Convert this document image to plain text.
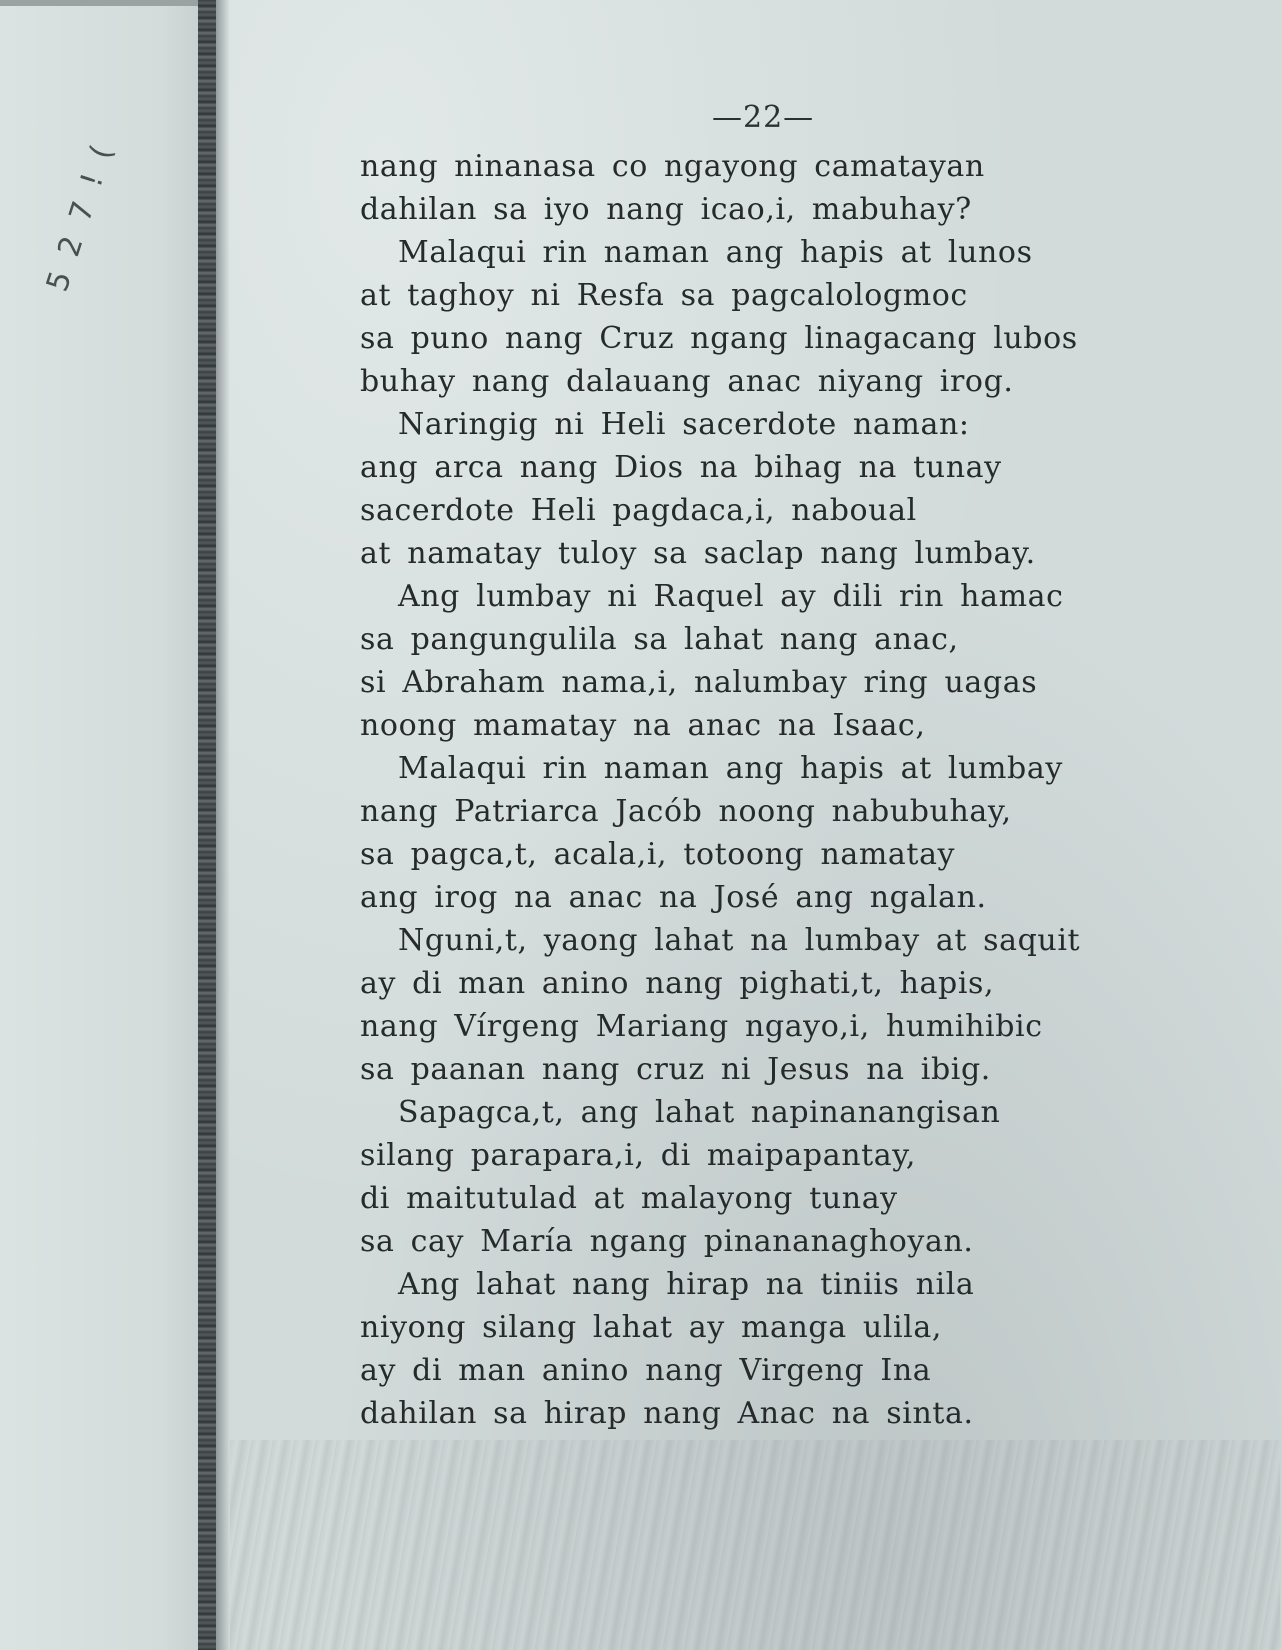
5 2 7 ! (
—22—
nang ninanasa co ngayong camatayan
dahilan sa iyo nang icao,i, mabuhay?
Malaqui rin naman ang hapis at lunos
at taghoy ni Resfa sa pagcalologmoc
sa puno nang Cruz ngang linagacang lubos
buhay nang dalauang anac niyang irog.
Naringig ni Heli sacerdote naman:
ang arca nang Dios na bihag na tunay
sacerdote Heli pagdaca,i, naboual
at namatay tuloy sa saclap nang lumbay.
Ang lumbay ni Raquel ay dili rin hamac
sa pangungulila sa lahat nang anac,
si Abraham nama,i, nalumbay ring uagas
noong mamatay na anac na Isaac,
Malaqui rin naman ang hapis at lumbay
nang Patriarca Jacób noong nabubuhay,
sa pagca,t, acala,i, totoong namatay
ang irog na anac na José ang ngalan.
Nguni,t, yaong lahat na lumbay at saquit
ay di man anino nang pighati,t, hapis,
nang Vírgeng Mariang ngayo,i, humihibic
sa paanan nang cruz ni Jesus na ibig.
Sapagca,t, ang lahat napinanangisan
silang parapara,i, di maipapantay,
di maitutulad at malayong tunay
sa cay María ngang pinananaghoyan.
Ang lahat nang hirap na tiniis nila
niyong silang lahat ay manga ulila,
ay di man anino nang Virgeng Ina
dahilan sa hirap nang Anac na sinta.
